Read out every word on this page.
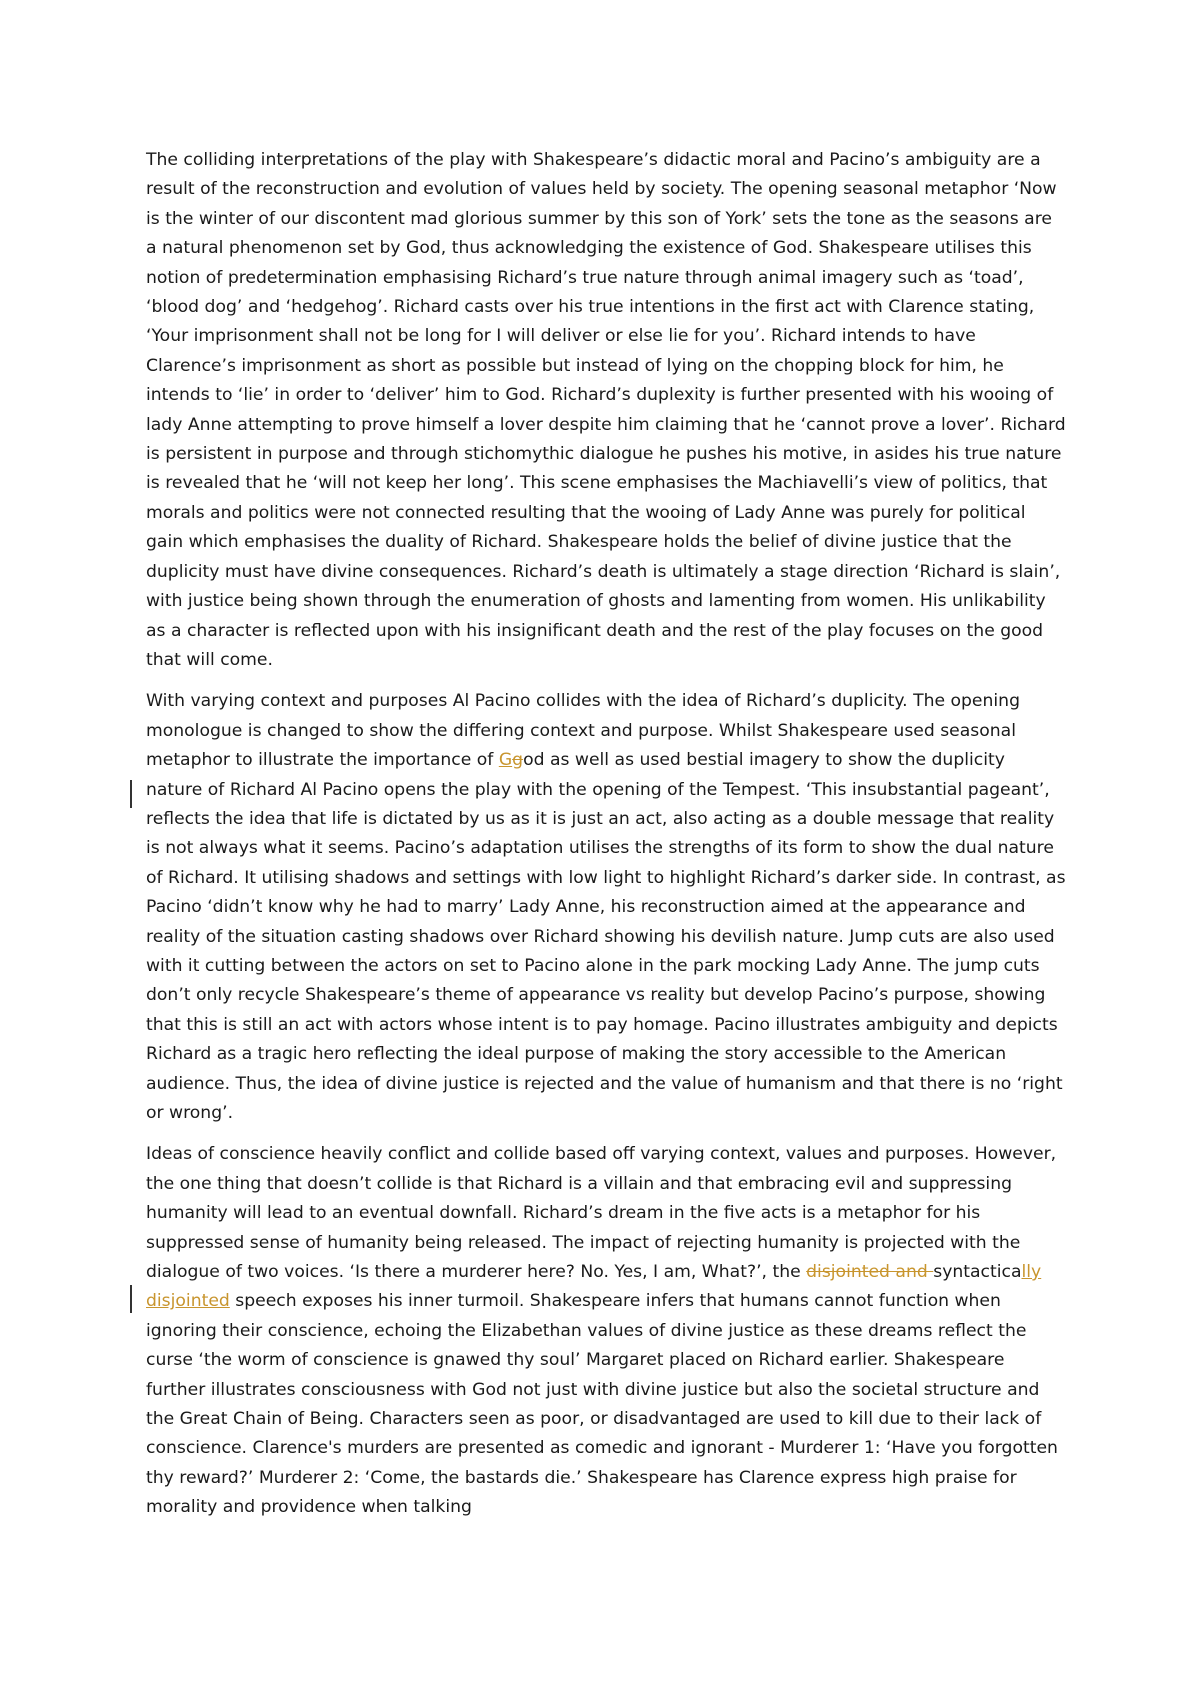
The colliding interpretations of the play with Shakespeare’s didactic moral and Pacino’s ambiguity are a result of the reconstruction and evolution of values held by society. The opening seasonal metaphor ‘Now is the winter of our discontent mad glorious summer by this son of York’ sets the tone as the seasons are a natural phenomenon set by God, thus acknowledging the existence of God. Shakespeare utilises this notion of predetermination emphasising Richard’s true nature through animal imagery such as ‘toad’, ‘blood dog’ and ‘hedgehog’. Richard casts over his true intentions in the first act with Clarence stating, ‘Your imprisonment shall not be long for I will deliver or else lie for you’. Richard intends to have Clarence’s imprisonment as short as possible but instead of lying on the chopping block for him, he intends to ‘lie’ in order to ‘deliver’ him to God. Richard’s duplexity is further presented with his wooing of lady Anne attempting to prove himself a lover despite him claiming that he ‘cannot prove a lover’. Richard is persistent in purpose and through stichomythic dialogue he pushes his motive, in asides his true nature is revealed that he ‘will not keep her long’. This scene emphasises the Machiavelli’s view of politics, that morals and politics were not connected resulting that the wooing of Lady Anne was purely for political gain which emphasises the duality of Richard. Shakespeare holds the belief of divine justice that the duplicity must have divine consequences. Richard’s death is ultimately a stage direction ‘Richard is slain’, with justice being shown through the enumeration of ghosts and lamenting from women. His unlikability as a character is reflected upon with his insignificant death and the rest of the play focuses on the good that will come.

With varying context and purposes Al Pacino collides with the idea of Richard’s duplicity. The opening monologue is changed to show the differing context and purpose. Whilst Shakespeare used seasonal metaphor to illustrate the importance of Ggod as well as used bestial imagery to show the duplicity nature of Richard Al Pacino opens the play with the opening of the Tempest. ‘This insubstantial pageant’, reflects the idea that life is dictated by us as it is just an act, also acting as a double message that reality is not always what it seems. Pacino’s adaptation utilises the strengths of its form to show the dual nature of Richard. It utilising shadows and settings with low light to highlight Richard’s darker side. In contrast, as Pacino ‘didn’t know why he had to marry’ Lady Anne, his reconstruction aimed at the appearance and reality of the situation casting shadows over Richard showing his devilish nature. Jump cuts are also used with it cutting between the actors on set to Pacino alone in the park mocking Lady Anne. The jump cuts don’t only recycle Shakespeare’s theme of appearance vs reality but develop Pacino’s purpose, showing that this is still an act with actors whose intent is to pay homage. Pacino illustrates ambiguity and depicts Richard as a tragic hero reflecting the ideal purpose of making the story accessible to the American audience. Thus, the idea of divine justice is rejected and the value of humanism and that there is no ‘right or wrong’.

Ideas of conscience heavily conflict and collide based off varying context, values and purposes. However, the one thing that doesn’t collide is that Richard is a villain and that embracing evil and suppressing humanity will lead to an eventual downfall. Richard’s dream in the five acts is a metaphor for his suppressed sense of humanity being released. The impact of rejecting humanity is projected with the dialogue of two voices. ‘Is there a murderer here? No. Yes, I am, What?’, the disjointed and syntactically disjointed speech exposes his inner turmoil. Shakespeare infers that humans cannot function when ignoring their conscience, echoing the Elizabethan values of divine justice as these dreams reflect the curse ‘the worm of conscience is gnawed thy soul’ Margaret placed on Richard earlier. Shakespeare further illustrates consciousness with God not just with divine justice but also the societal structure and the Great Chain of Being. Characters seen as poor, or disadvantaged are used to kill due to their lack of conscience. Clarence's murders are presented as comedic and ignorant - Murderer 1: ‘Have you forgotten thy reward?’ Murderer 2: ‘Come, the bastards die.’ Shakespeare has Clarence express high praise for morality and providence when talking
